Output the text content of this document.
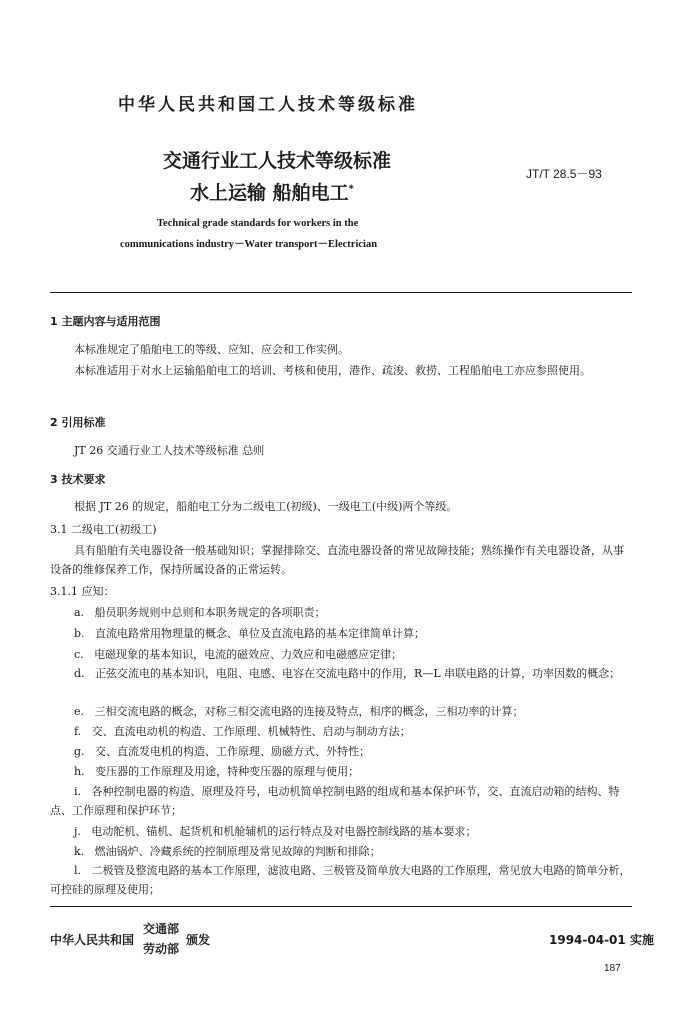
中华人民共和国工人技术等级标准
交通行业工人技术等级标准
水上运输 船舶电工*
JT/T 28.5－93
Technical grade standards for workers in the
communications industry－Water transport－Electrician
1 主题内容与适用范围
本标准规定了船舶电工的等级、应知、应会和工作实例。
本标准适用于对水上运输船舶电工的培训、考核和使用，港作、疏浚、救捞、工程船舶电工亦应参照使用。
2 引用标准
JT 26 交通行业工人技术等级标准 总则
3 技术要求
根据 JT 26 的规定，船舶电工分为二级电工(初级)、一级电工(中级)两个等级。
3.1 二级电工(初级工)
具有船舶有关电器设备一般基础知识；掌握排除交、直流电器设备的常见故障技能；熟练操作有关电器设备，从事设备的维修保养工作，保持所属设备的正常运转。
3.1.1 应知：
a. 船员职务规则中总则和本职务规定的各项职责；
b. 直流电路常用物理量的概念、单位及直流电路的基本定律简单计算；
c. 电磁现象的基本知识，电流的磁效应、力效应和电磁感应定律；
d. 正弦交流电的基本知识，电阻、电感、电容在交流电路中的作用，R—L 串联电路的计算，功率因数的概念；
e. 三相交流电路的概念，对称三相交流电路的连接及特点，相序的概念，三相功率的计算；
f. 交、直流电动机的构造、工作原理、机械特性、启动与制动方法；
g. 交、直流发电机的构造、工作原理、励磁方式、外特性；
h. 变压器的工作原理及用途，特种变压器的原理与使用；
i. 各种控制电器的构造、原理及符号，电动机简单控制电路的组成和基本保护环节，交、直流启动箱的结构、特点、工作原理和保护环节；
j. 电动舵机、锚机、起货机和机舱辅机的运行特点及对电器控制线路的基本要求；
k. 燃油锅炉、冷藏系统的控制原理及常见故障的判断和排除；
l. 二极管及整流电路的基本工作原理，滤波电路、三极管及简单放大电路的工作原理，常见放大电路的简单分析，可控硅的原理及使用；
中华人民共和国
交通部
劳动部
颁发	1994-04-01 实施
187
